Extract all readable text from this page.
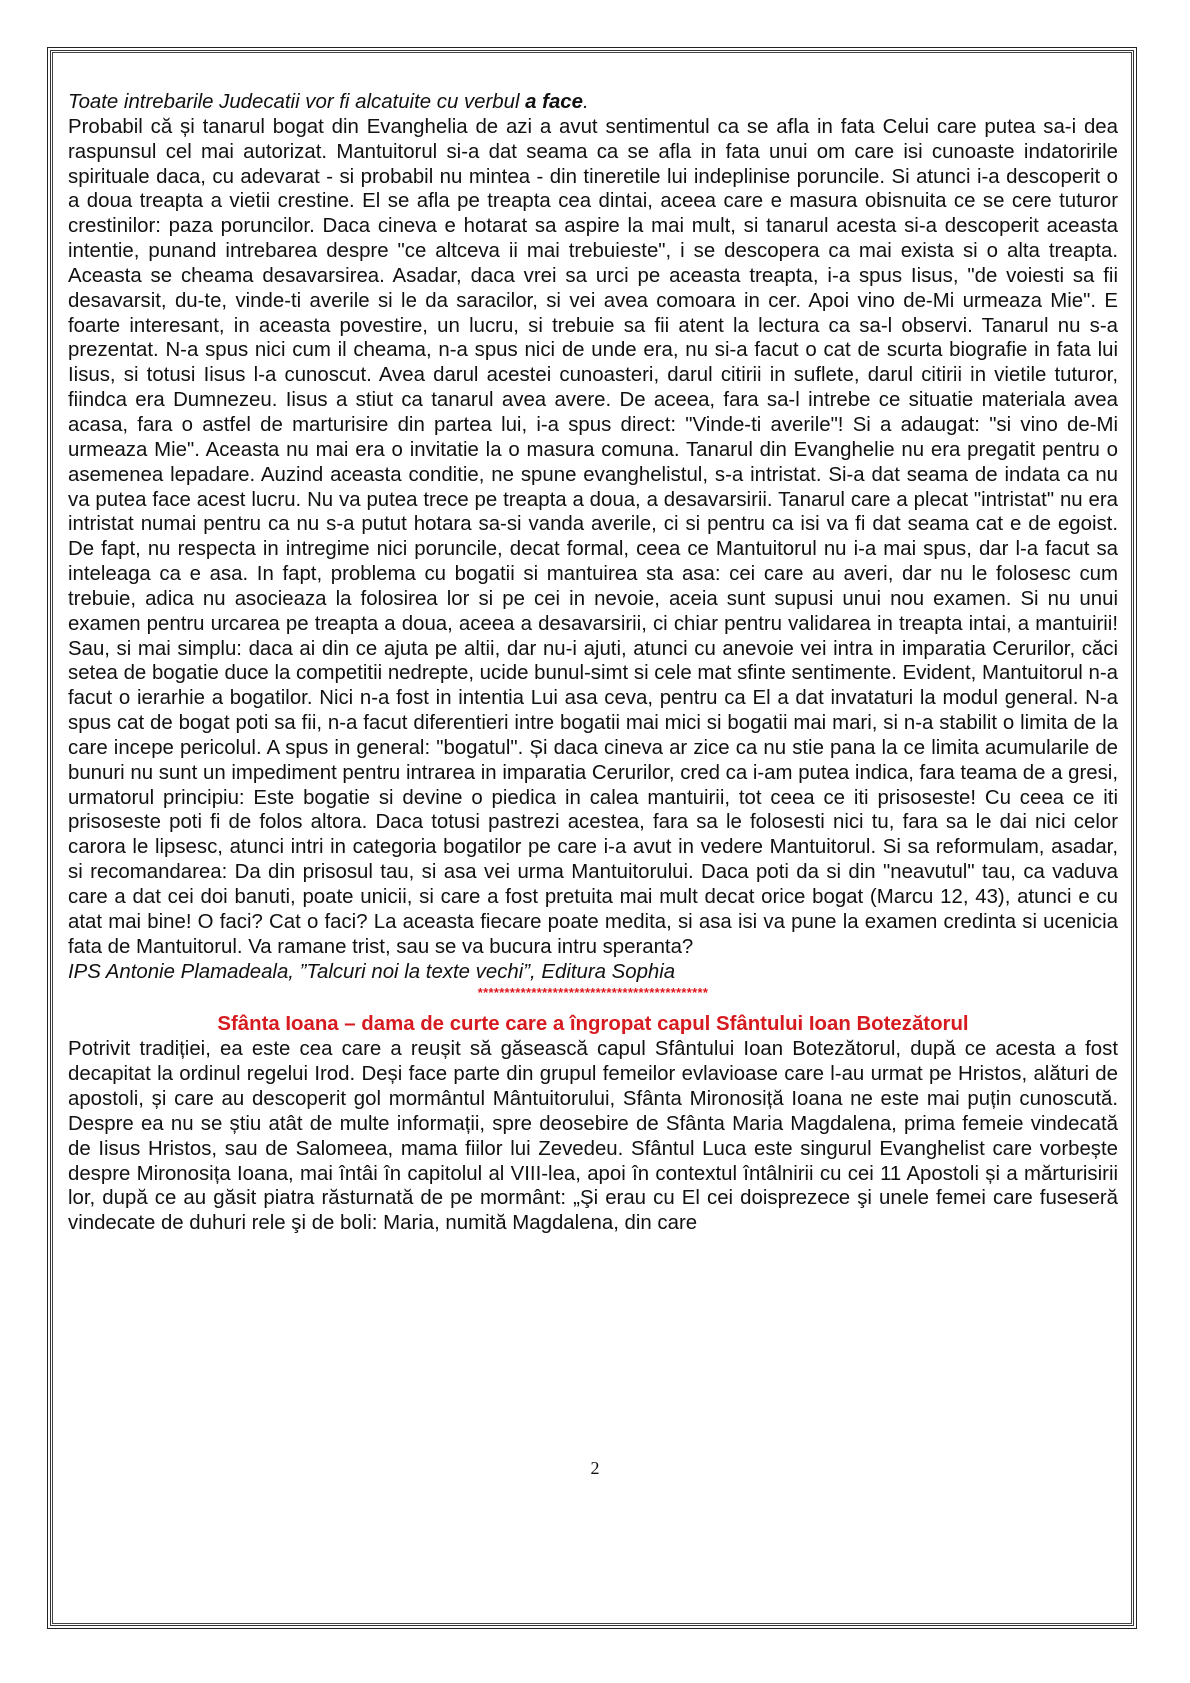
Toate intrebarile Judecatii vor fi alcatuite cu verbul a face.

Probabil că și tanarul bogat din Evanghelia de azi a avut sentimentul ca se afla in fata Celui care putea sa-i dea raspunsul cel mai autorizat. Mantuitorul si-a dat seama ca se afla in fata unui om care isi cunoaste indatoririle spirituale daca, cu adevarat - si probabil nu mintea - din tineretile lui indeplinise poruncile. Si atunci i-a descoperit o a doua treapta a vietii crestine. El se afla pe treapta cea dintai, aceea care e masura obisnuita ce se cere tuturor crestinilor: paza poruncilor. Daca cineva e hotarat sa aspire la mai mult, si tanarul acesta si-a descoperit aceasta intentie, punand intrebarea despre "ce altceva ii mai trebuieste", i se descopera ca mai exista si o alta treapta. Aceasta se cheama desavarsirea. Asadar, daca vrei sa urci pe aceasta treapta, i-a spus Iisus, "de voiesti sa fii desavarsit, du-te, vinde-ti averile si le da saracilor, si vei avea comoara in cer. Apoi vino de-Mi urmeaza Mie". E foarte interesant, in aceasta povestire, un lucru, si trebuie sa fii atent la lectura ca sa-l observi. Tanarul nu s-a prezentat. N-a spus nici cum il cheama, n-a spus nici de unde era, nu si-a facut o cat de scurta biografie in fata lui Iisus, si totusi Iisus l-a cunoscut. Avea darul acestei cunoasteri, darul citirii in suflete, darul citirii in vietile tuturor, fiindca era Dumnezeu. Iisus a stiut ca tanarul avea avere. De aceea, fara sa-l intrebe ce situatie materiala avea acasa, fara o astfel de marturisire din partea lui, i-a spus direct: "Vinde-ti averile"! Si a adaugat: "si vino de-Mi urmeaza Mie". Aceasta nu mai era o invitatie la o masura comuna. Tanarul din Evanghelie nu era pregatit pentru o asemenea lepadare. Auzind aceasta conditie, ne spune evanghelistul, s-a intristat. Si-a dat seama de indata ca nu va putea face acest lucru. Nu va putea trece pe treapta a doua, a desavarsirii. Tanarul care a plecat "intristat" nu era intristat numai pentru ca nu s-a putut hotara sa-si vanda averile, ci si pentru ca isi va fi dat seama cat e de egoist. De fapt, nu respecta in intregime nici poruncile, decat formal, ceea ce Mantuitorul nu i-a mai spus, dar l-a facut sa inteleaga ca e asa. In fapt, problema cu bogatii si mantuirea sta asa: cei care au averi, dar nu le folosesc cum trebuie, adica nu asocieaza la folosirea lor si pe cei in nevoie, aceia sunt supusi unui nou examen. Si nu unui examen pentru urcarea pe treapta a doua, aceea a desavarsirii, ci chiar pentru validarea in treapta intai, a mantuirii! Sau, si mai simplu: daca ai din ce ajuta pe altii, dar nu-i ajuti, atunci cu anevoie vei intra in imparatia Cerurilor, căci setea de bogatie duce la competitii nedrepte, ucide bunul-simt si cele mat sfinte sentimente. Evident, Mantuitorul n-a facut o ierarhie a bogatilor. Nici n-a fost in intentia Lui asa ceva, pentru ca El a dat invataturi la modul general. N-a spus cat de bogat poti sa fii, n-a facut diferentieri intre bogatii mai mici si bogatii mai mari, si n-a stabilit o limita de la care incepe pericolul. A spus in general: "bogatul". Și daca cineva ar zice ca nu stie pana la ce limita acumularile de bunuri nu sunt un impediment pentru intrarea in imparatia Cerurilor, cred ca i-am putea indica, fara teama de a gresi, urmatorul principiu: Este bogatie si devine o piedica in calea mantuirii, tot ceea ce iti prisoseste! Cu ceea ce iti prisoseste poti fi de folos altora. Daca totusi pastrezi acestea, fara sa le folosesti nici tu, fara sa le dai nici celor carora le lipsesc, atunci intri in categoria bogatilor pe care i-a avut in vedere Mantuitorul. Si sa reformulam, asadar, si recomandarea: Da din prisosul tau, si asa vei urma Mantuitorului. Daca poti da si din "neavutul" tau, ca vaduva care a dat cei doi banuti, poate unicii, si care a fost pretuita mai mult decat orice bogat (Marcu 12, 43), atunci e cu atat mai bine! O faci? Cat o faci? La aceasta fiecare poate medita, si asa isi va pune la examen credinta si ucenicia fata de Mantuitorul. Va ramane trist, sau se va bucura intru speranta?

IPS Antonie Plamadeala, ”Talcuri noi la texte vechi”, Editura Sophia

*******************************************
Sfânta Ioana – dama de curte care a îngropat capul Sfântului Ioan Botezătorul

Potrivit tradiției, ea este cea care a reușit să găsească capul Sfântului Ioan Botezătorul, după ce acesta a fost decapitat la ordinul regelui Irod. Deși face parte din grupul femeilor evlavioase care l-au urmat pe Hristos, alături de apostoli, și care au descoperit gol mormântul Mântuitorului, Sfânta Mironosiță Ioana ne este mai puțin cunoscută. Despre ea nu se știu atât de multe informații, spre deosebire de Sfânta Maria Magdalena, prima femeie vindecată de Iisus Hristos, sau de Salomeea, mama fiilor lui Zevedeu. Sfântul Luca este singurul Evanghelist care vorbește despre Mironosița Ioana, mai întâi în capitolul al VIII-lea, apoi în contextul întâlnirii cu cei 11 Apostoli și a mărturisirii lor, după ce au găsit piatra răsturnată de pe mormânt: „Şi erau cu El cei doisprezece şi unele femei care fuseseră vindecate de duhuri rele şi de boli: Maria, numită Magdalena, din care

2
